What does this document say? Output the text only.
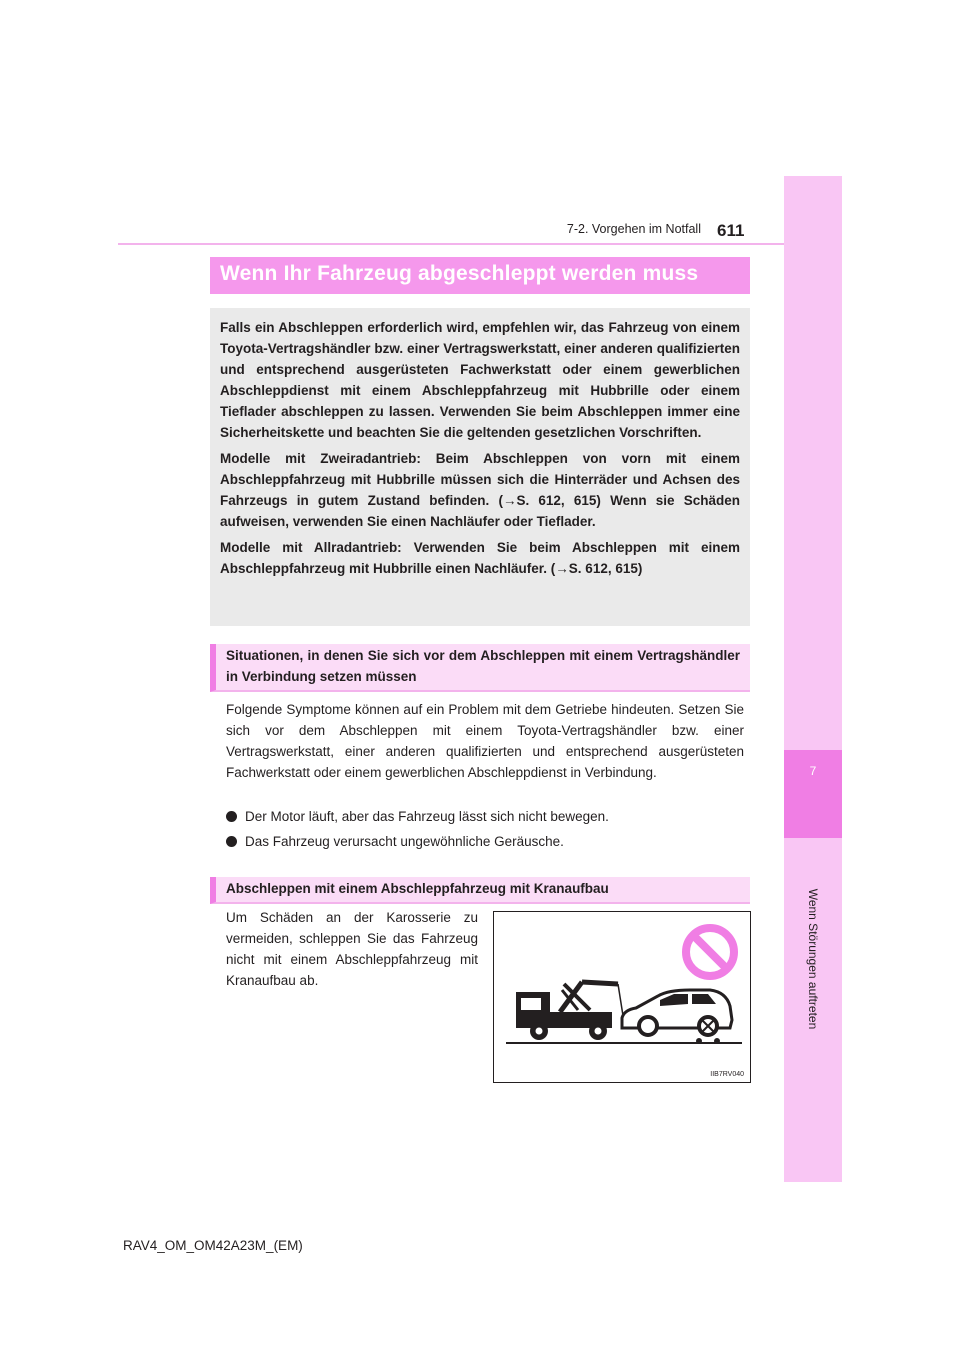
7
Wenn Störungen auftreten
7-2. Vorgehen im Notfall 611
Wenn Ihr Fahrzeug abgeschleppt werden muss

Falls ein Abschleppen erforderlich wird, empfehlen wir, das Fahrzeug von einem Toyota-Vertragshändler bzw. einer Vertragswerkstatt, einer anderen qualifizierten und entsprechend ausgerüsteten Fachwerkstatt oder einem gewerblichen Abschleppdienst mit einem Abschleppfahrzeug mit Hubbrille oder einem Tieflader abschleppen zu lassen. Verwenden Sie beim Abschleppen immer eine Sicherheitskette und beachten Sie die geltenden gesetzlichen Vorschriften.

Modelle mit Zweiradantrieb: Beim Abschleppen von vorn mit einem Abschleppfahrzeug mit Hubbrille müssen sich die Hinterräder und Achsen des Fahrzeugs in gutem Zustand befinden. (→S. 612, 615) Wenn sie Schäden aufweisen, verwenden Sie einen Nachläufer oder Tieflader.

Modelle mit Allradantrieb: Verwenden Sie beim Abschleppen mit einem Abschleppfahrzeug mit Hubbrille einen Nachläufer. (→S. 612, 615)

Situationen, in denen Sie sich vor dem Abschleppen mit einem Vertragshändler in Verbindung setzen müssen

Folgende Symptome können auf ein Problem mit dem Getriebe hindeuten. Setzen Sie sich vor dem Abschleppen mit einem Toyota-Vertragshändler bzw. einer Vertragswerkstatt, einer anderen qualifizierten und entsprechend ausgerüsteten Fachwerkstatt oder einem gewerblichen Abschleppdienst in Verbindung.

Der Motor läuft, aber das Fahrzeug lässt sich nicht bewegen.
Das Fahrzeug verursacht ungewöhnliche Geräusche.
Abschleppen mit einem Abschleppfahrzeug mit Kranaufbau

Um Schäden an der Karosserie zu vermeiden, schleppen Sie das Fahrzeug nicht mit einem Abschleppfahrzeug mit Kranaufbau ab.

IIB7RV040
RAV4_OM_OM42A23M_(EM)
